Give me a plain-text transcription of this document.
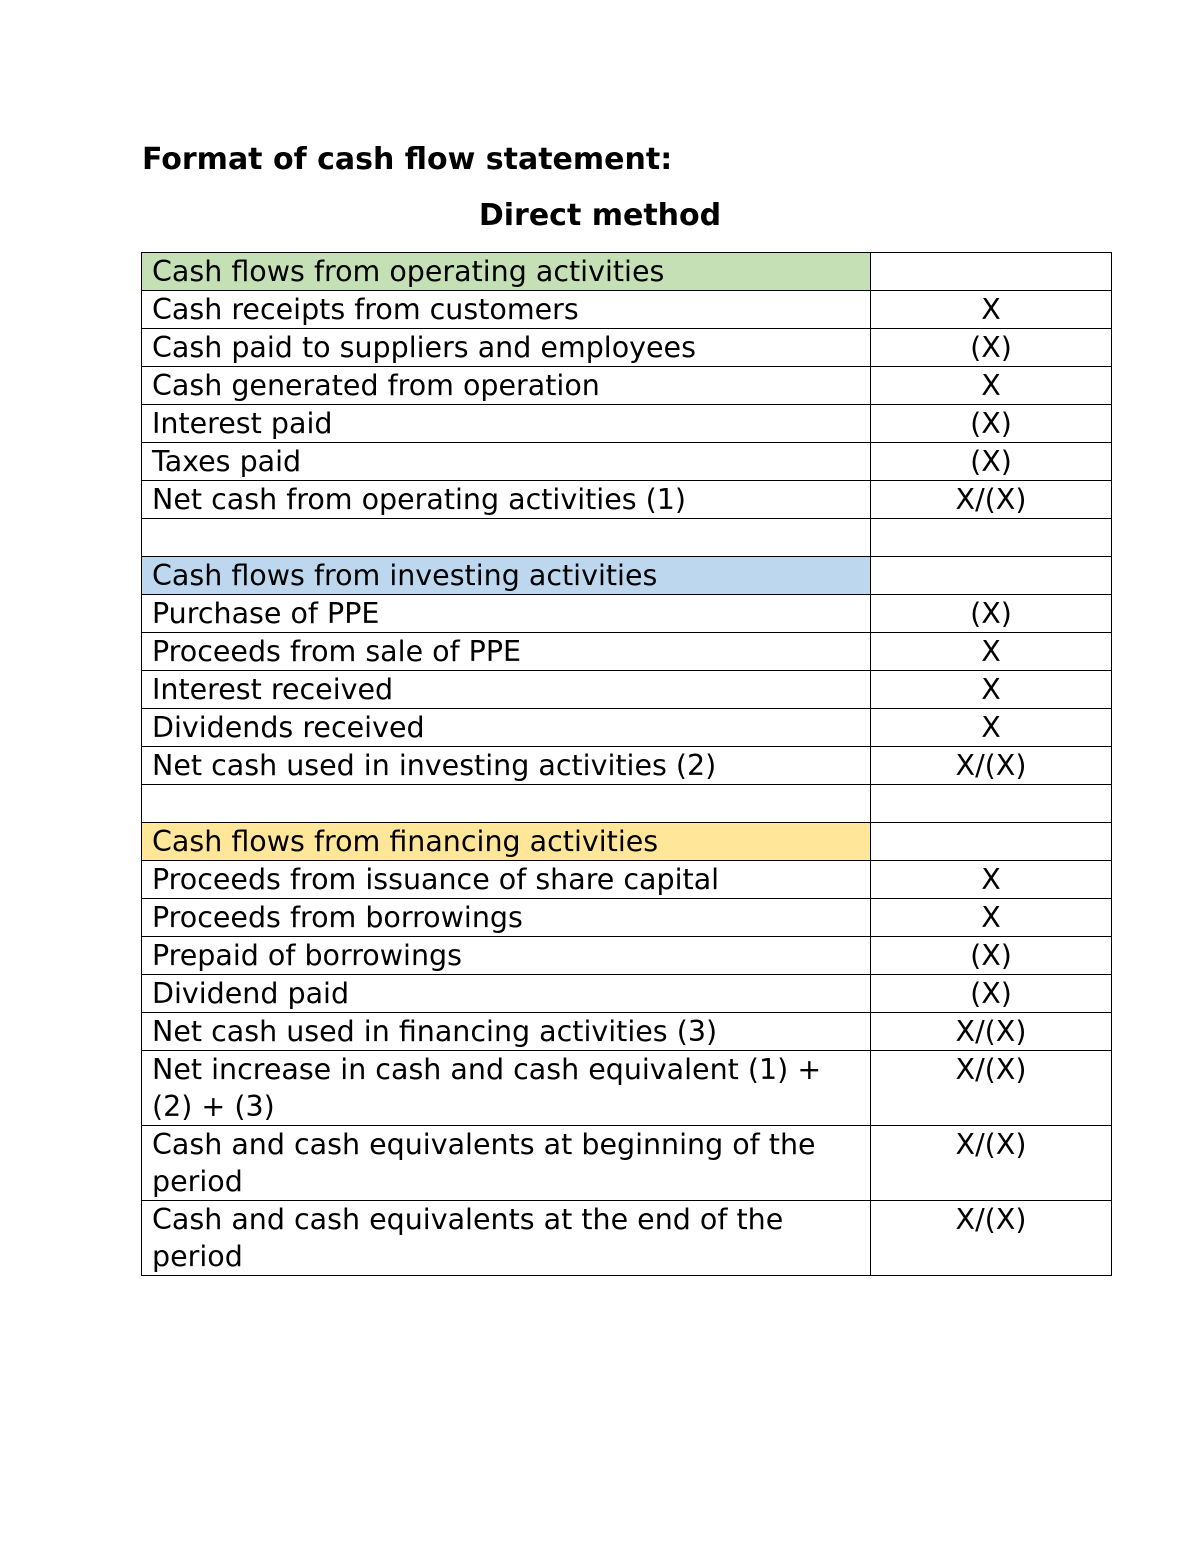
Format of cash flow statement:
Direct method
Cash flows from operating activities	
Cash receipts from customers	X
Cash paid to suppliers and employees	(X)
Cash generated from operation	X
Interest paid	(X)
Taxes paid	(X)
Net cash from operating activities (1)	X/(X)

Cash flows from investing activities	
Purchase of PPE	(X)
Proceeds from sale of PPE	X
Interest received	X
Dividends received	X
Net cash used in investing activities (2)	X/(X)

Cash flows from financing activities	
Proceeds from issuance of share capital	X
Proceeds from borrowings	X
Prepaid of borrowings	(X)
Dividend paid	(X)
Net cash used in financing activities (3)	X/(X)
Net increase in cash and cash equivalent (1) + (2) + (3)	X/(X)
Cash and cash equivalents at beginning of the period	X/(X)
Cash and cash equivalents at the end of the period	X/(X)
